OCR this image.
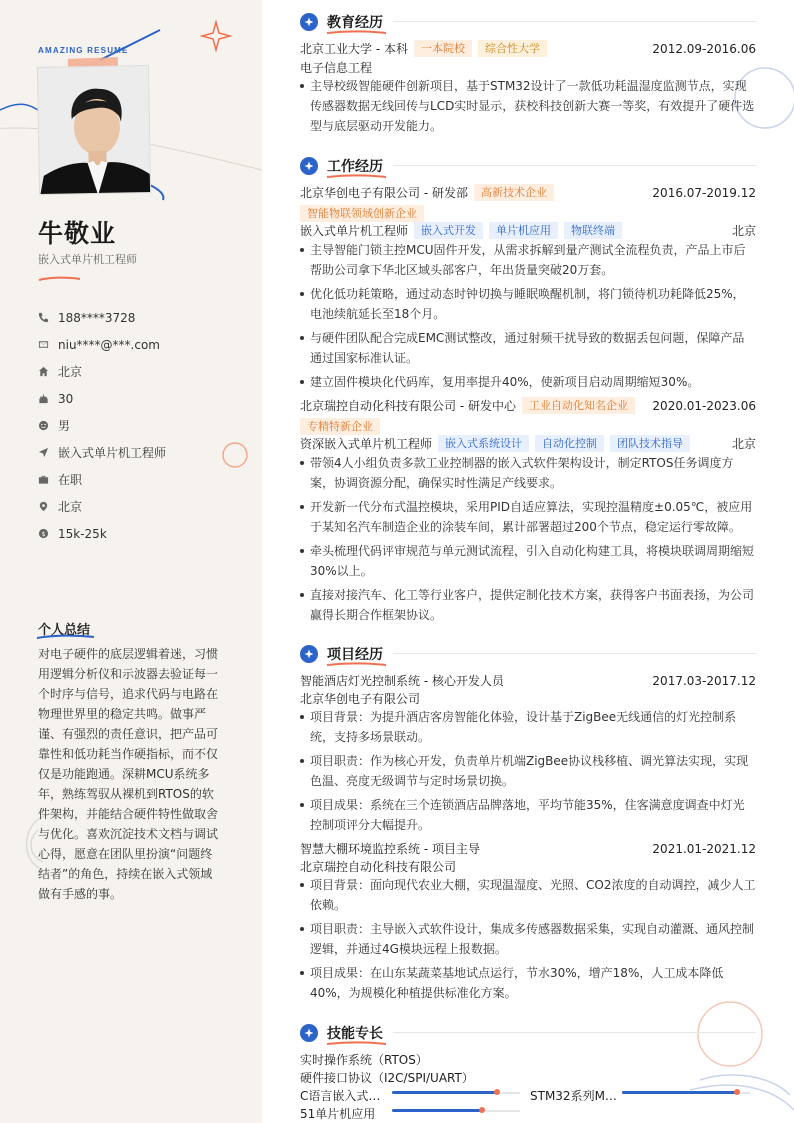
AMAZING RESUME
牛敬业
嵌入式单片机工程师
188****3728
niu****@***.com
北京
30
男
嵌入式单片机工程师
在职
北京
$ 15k-25k
个人总结
对电子硬件的底层逻辑着迷，习惯用逻辑分析仪和示波器去验证每一个时序与信号，追求代码与电路在物理世界里的稳定共鸣。做事严谨、有强烈的责任意识，把产品可靠性和低功耗当作硬指标，而不仅仅是功能跑通。深耕MCU系统多年，熟练驾驭从裸机到RTOS的软件架构，并能结合硬件特性做取舍与优化。喜欢沉淀技术文档与调试心得，愿意在团队里扮演“问题终结者”的角色，持续在嵌入式领域做有手感的事。
教育经历
北京工业大学 - 本科	一本院校	综合性大学	2012.09-2016.06
电子信息工程
主导校级智能硬件创新项目，基于STM32设计了一款低功耗温湿度监测节点，实现传感器数据无线回传与LCD实时显示，获校科技创新大赛一等奖，有效提升了硬件选型与底层驱动开发能力。
工作经历
北京华创电子有限公司 - 研发部	高新技术企业	2016.07-2019.12
智能物联领域创新企业
嵌入式单片机工程师	嵌入式开发	单片机应用	物联终端	北京
主导智能门锁主控MCU固件开发，从需求拆解到量产测试全流程负责，产品上市后帮助公司拿下华北区域头部客户，年出货量突破20万套。
优化低功耗策略，通过动态时钟切换与睡眠唤醒机制，将门锁待机功耗降低25%，电池续航延长至18个月。
与硬件团队配合完成EMC测试整改，通过射频干扰导致的数据丢包问题，保障产品通过国家标准认证。
建立固件模块化代码库，复用率提升40%，使新项目启动周期缩短30%。
北京瑞控自动化科技有限公司 - 研发中心	工业自动化知名企业	2020.01-2023.06
专精特新企业
资深嵌入式单片机工程师	嵌入式系统设计	自动化控制	团队技术指导	北京
带领4人小组负责多款工业控制器的嵌入式软件架构设计，制定RTOS任务调度方案，协调资源分配，确保实时性满足产线要求。
开发新一代分布式温控模块，采用PID自适应算法，实现控温精度±0.05℃，被应用于某知名汽车制造企业的涂装车间，累计部署超过200个节点，稳定运行零故障。
牵头梳理代码评审规范与单元测试流程，引入自动化构建工具，将模块联调周期缩短30%以上。
直接对接汽车、化工等行业客户，提供定制化技术方案，获得客户书面表扬，为公司赢得长期合作框架协议。
项目经历
智能酒店灯光控制系统 - 核心开发人员	2017.03-2017.12
北京华创电子有限公司
项目背景：为提升酒店客房智能化体验，设计基于ZigBee无线通信的灯光控制系统，支持多场景联动。
项目职责：作为核心开发，负责单片机端ZigBee协议栈移植、调光算法实现，实现色温、亮度无级调节与定时场景切换。
项目成果：系统在三个连锁酒店品牌落地，平均节能35%，住客满意度调查中灯光控制项评分大幅提升。
智慧大棚环境监控系统 - 项目主导	2021.01-2021.12
北京瑞控自动化科技有限公司
项目背景：面向现代农业大棚，实现温湿度、光照、CO2浓度的自动调控，减少人工依赖。
项目职责：主导嵌入式软件设计，集成多传感器数据采集，实现自动灌溉、通风控制逻辑，并通过4G模块远程上报数据。
项目成果：在山东某蔬菜基地试点运行，节水30%，增产18%，人工成本降低40%，为规模化种植提供标准化方案。
技能专长
实时操作系统（RTOS）
硬件接口协议（I2C/SPI/UART）
C语言嵌入式…	STM32系列M…
51单片机应用
